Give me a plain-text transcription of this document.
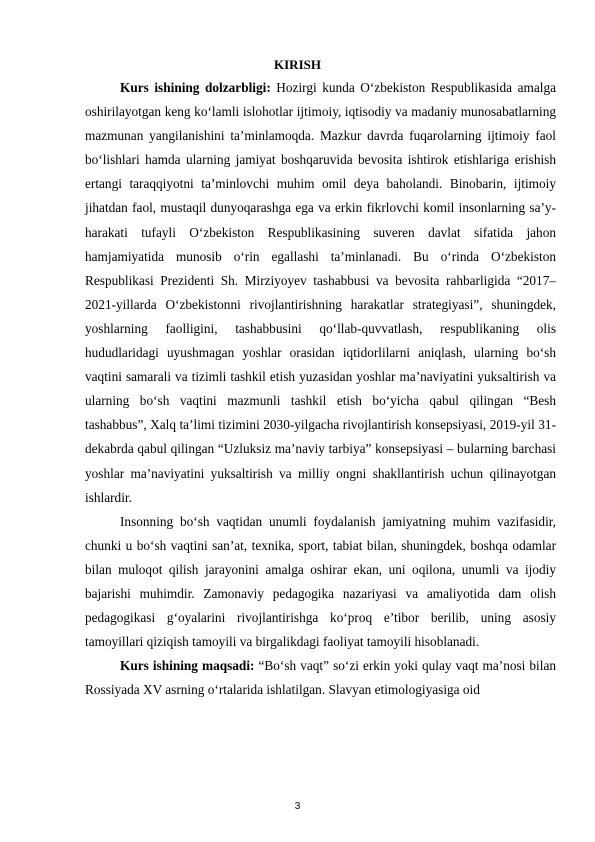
KIRISH

Kurs ishining dolzarbligi: Hozirgi kunda O‘zbekiston Respublikasida amalga oshirilayotgan keng ko‘lamli islohotlar ijtimoiy, iqtisodiy va madaniy munosabatlarning mazmunan yangilanishini ta’minlamoqda. Mazkur davrda fuqarolarning ijtimoiy faol bo‘lishlari hamda ularning jamiyat boshqaruvida bevosita ishtirok etishlariga erishish ertangi taraqqiyotni ta’minlovchi muhim omil deya baholandi. Binobarin, ijtimoiy jihatdan faol, mustaqil dunyoqarashga ega va erkin fikrlovchi komil insonlarning sa’y-harakati tufayli O‘zbekiston Respublikasining suveren davlat sifatida jahon hamjamiyatida munosib o‘rin egallashi ta’minlanadi. Bu o‘rinda O‘zbekiston Respublikasi Prezidenti Sh. Mirziyoyev tashabbusi va bevosita rahbarligida “2017–2021-yillarda O‘zbekistonni rivojlantirishning harakatlar strategiyasi”, shuningdek, yoshlarning faolligini, tashabbusini qo‘llab-quvvatlash, respublikaning olis hududlaridagi uyushmagan yoshlar orasidan iqtidorlilarni aniqlash, ularning bo‘sh vaqtini samarali va tizimli tashkil etish yuzasidan yoshlar ma’naviyatini yuksaltirish va ularning bo‘sh vaqtini mazmunli tashkil etish bo‘yicha qabul qilingan “Besh tashabbus”, Xalq ta’limi tizimini 2030-yilgacha rivojlantirish konsepsiyasi, 2019-yil 31-dekabrda qabul qilingan “Uzluksiz ma’naviy tarbiya” konsepsiyasi – bularning barchasi yoshlar ma’naviyatini yuksaltirish va milliy ongni shakllantirish uchun qilinayotgan ishlardir.

Insonning bo‘sh vaqtidan unumli foydalanish jamiyatning muhim vazifasidir, chunki u bo‘sh vaqtini san’at, texnika, sport, tabiat bilan, shuningdek, boshqa odamlar bilan muloqot qilish jarayonini amalga oshirar ekan, uni oqilona, unumli va ijodiy bajarishi muhimdir. Zamonaviy pedagogika nazariyasi va amaliyotida dam olish pedagogikasi g‘oyalarini rivojlantirishga ko‘proq e’tibor berilib, uning asosiy tamoyillari qiziqish tamoyili va birgalikdagi faoliyat tamoyili hisoblanadi.

Kurs ishining maqsadi: “Bo‘sh vaqt” so‘zi erkin yoki qulay vaqt ma’nosi bilan Rossiyada XV asrning o‘rtalarida ishlatilgan. Slavyan etimologiyasiga oid

3
